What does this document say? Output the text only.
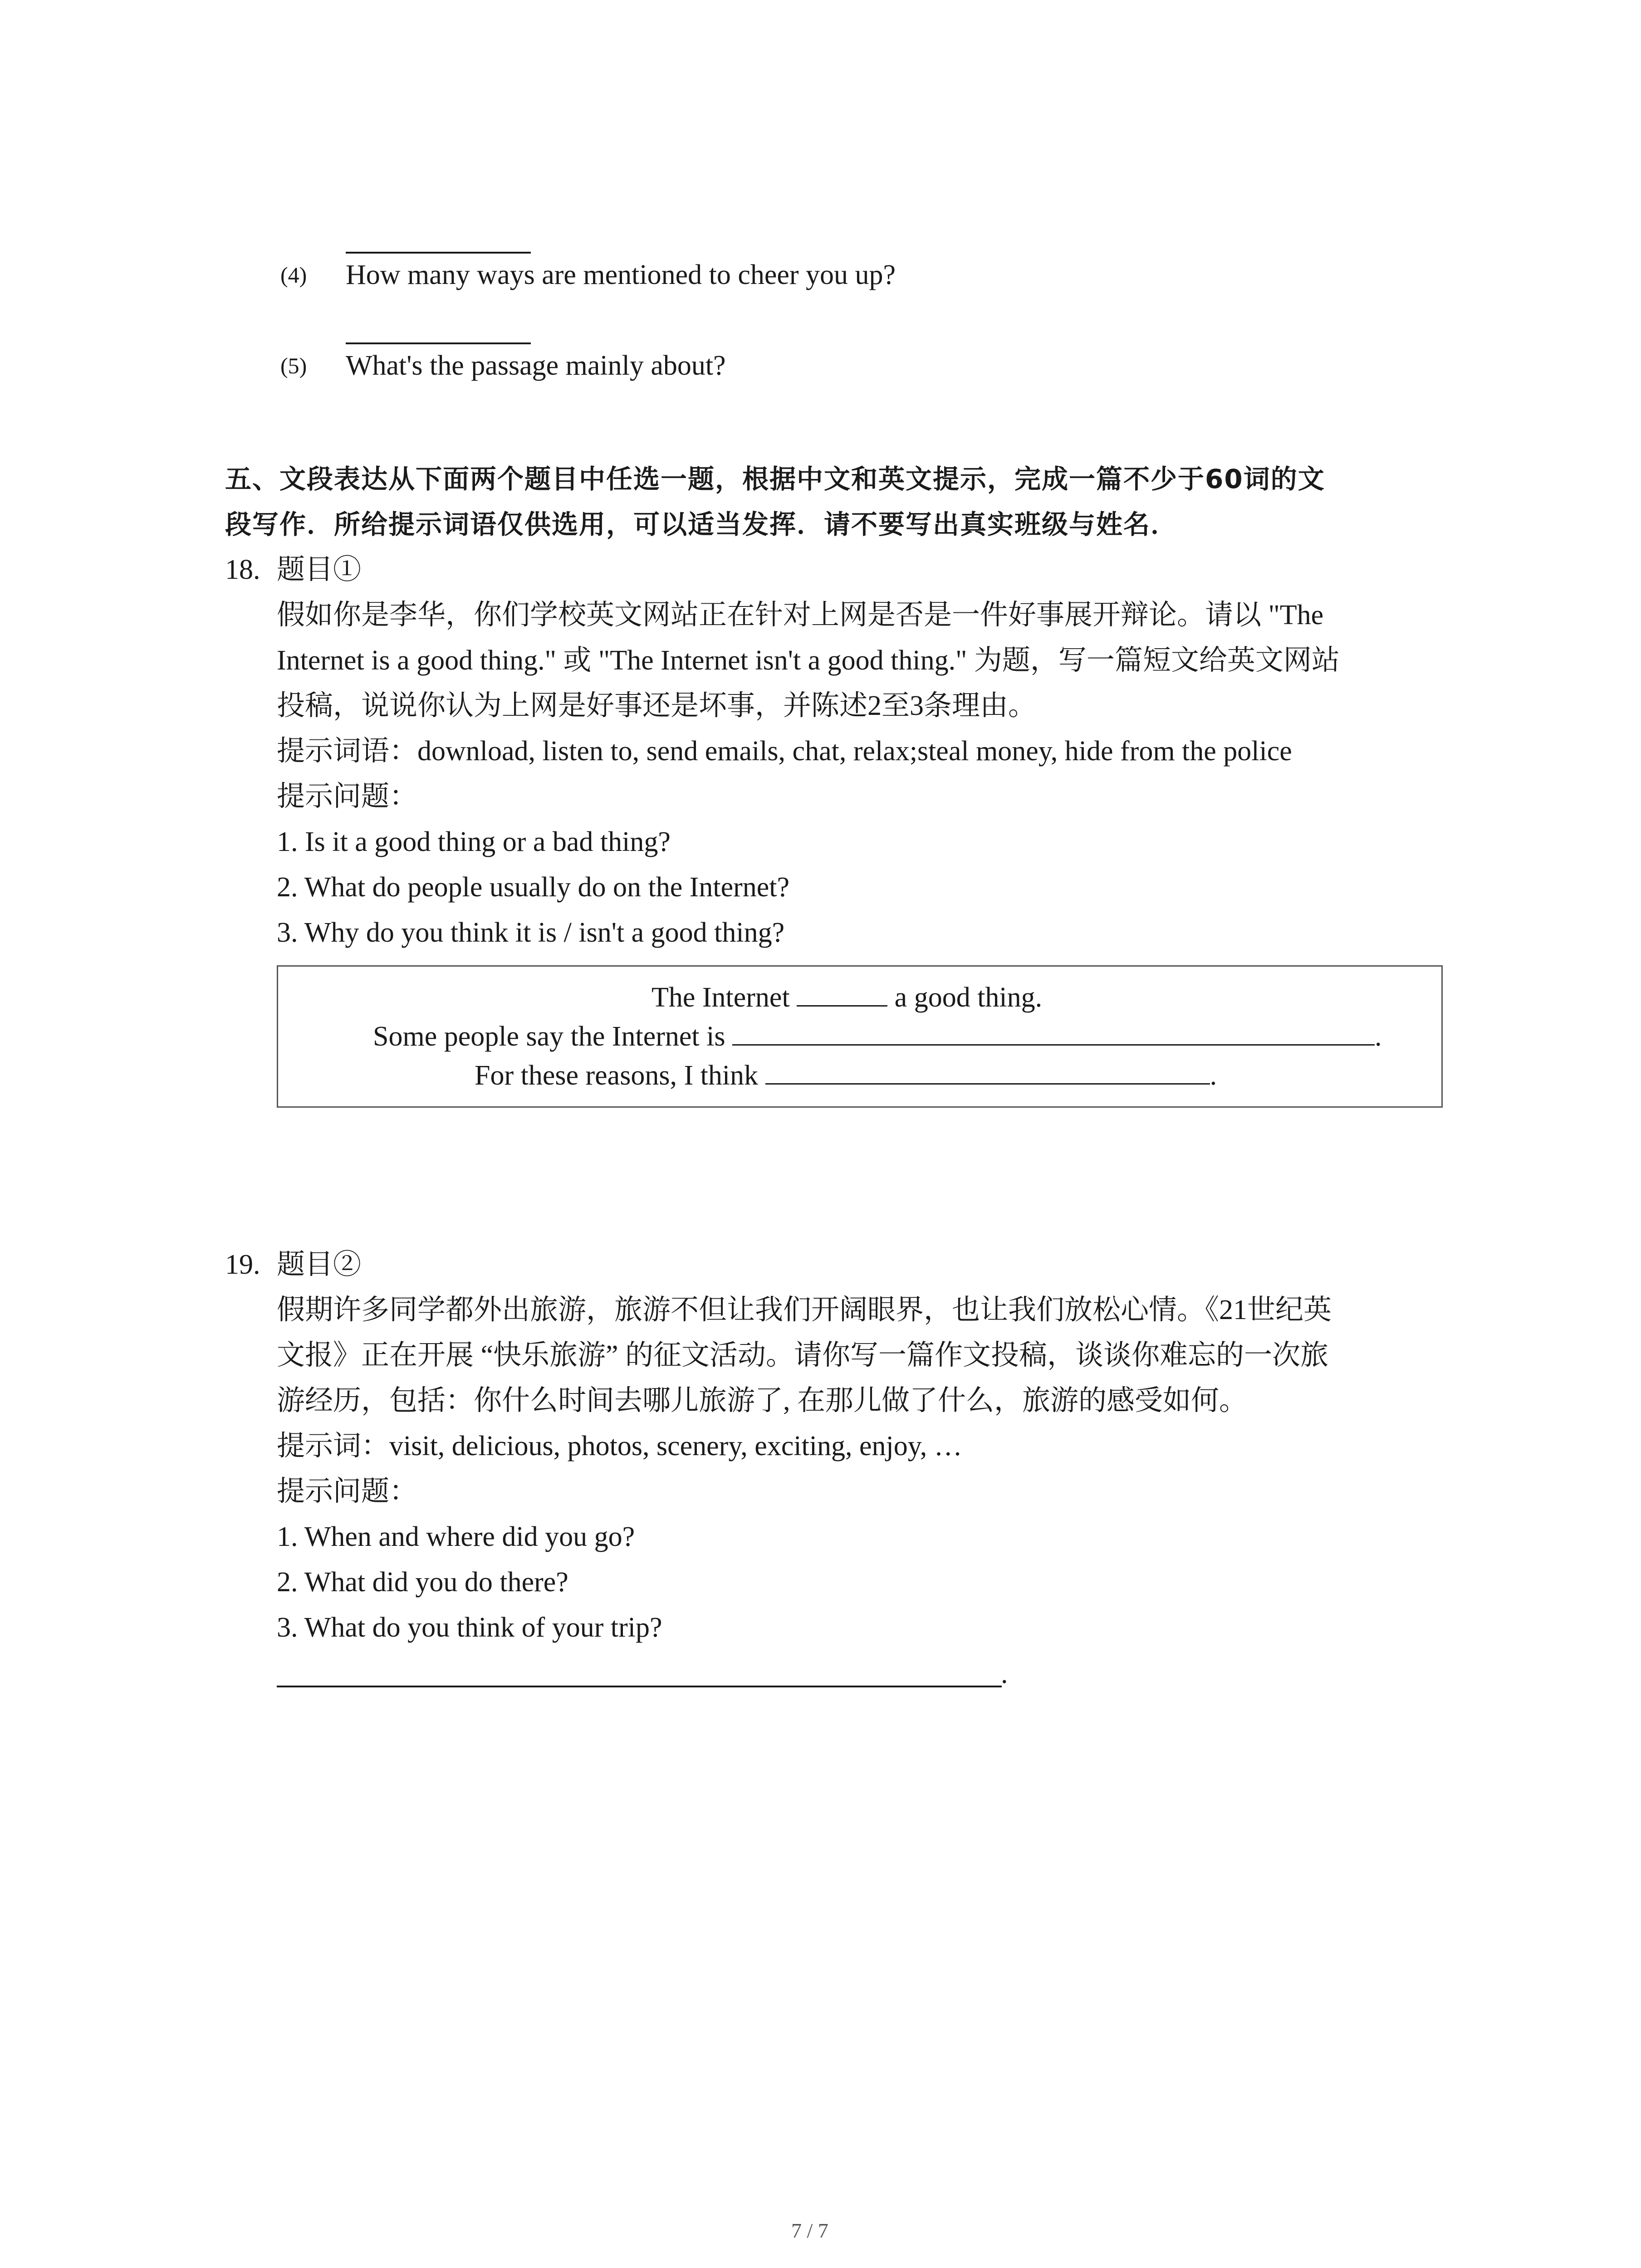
(4) How many ways are mentioned to cheer you up?
(5) What's the passage mainly about?
五、文段表达从下面两个题目中任选一题，根据中文和英文提示，完成一篇不少于60词的文
段写作．所给提示词语仅供选用，可以适当发挥．请不要写出真实班级与姓名．
18. 题目①
假如你是李华，你们学校英文网站正在针对上网是否是一件好事展开辩论。请以 "The
Internet is a good thing." 或 "The Internet isn't a good thing." 为题，写一篇短文给英文网站
投稿，说说你认为上网是好事还是坏事，并陈述2至3条理由。
提示词语：download, listen to, send emails, chat, relax;steal money, hide from the police
提示问题：
1. Is it a good thing or a bad thing?
2. What do people usually do on the Internet?
3. Why do you think it is / isn't a good thing?
The Internet	a good thing.
Some people say the Internet is	.
For these reasons, I think	.
19. 题目②
假期许多同学都外出旅游，旅游不但让我们开阔眼界，也让我们放松心情。《21世纪英
文报》正在开展 “快乐旅游” 的征文活动。请你写一篇作文投稿，谈谈你难忘的一次旅
游经历，包括：你什么时间去哪儿旅游了, 在那儿做了什么，旅游的感受如何。
提示词：visit, delicious, photos, scenery, exciting, enjoy, …
提示问题：
1. When and where did you go?
2. What did you do there?
3. What do you think of your trip?
.
7 / 7
